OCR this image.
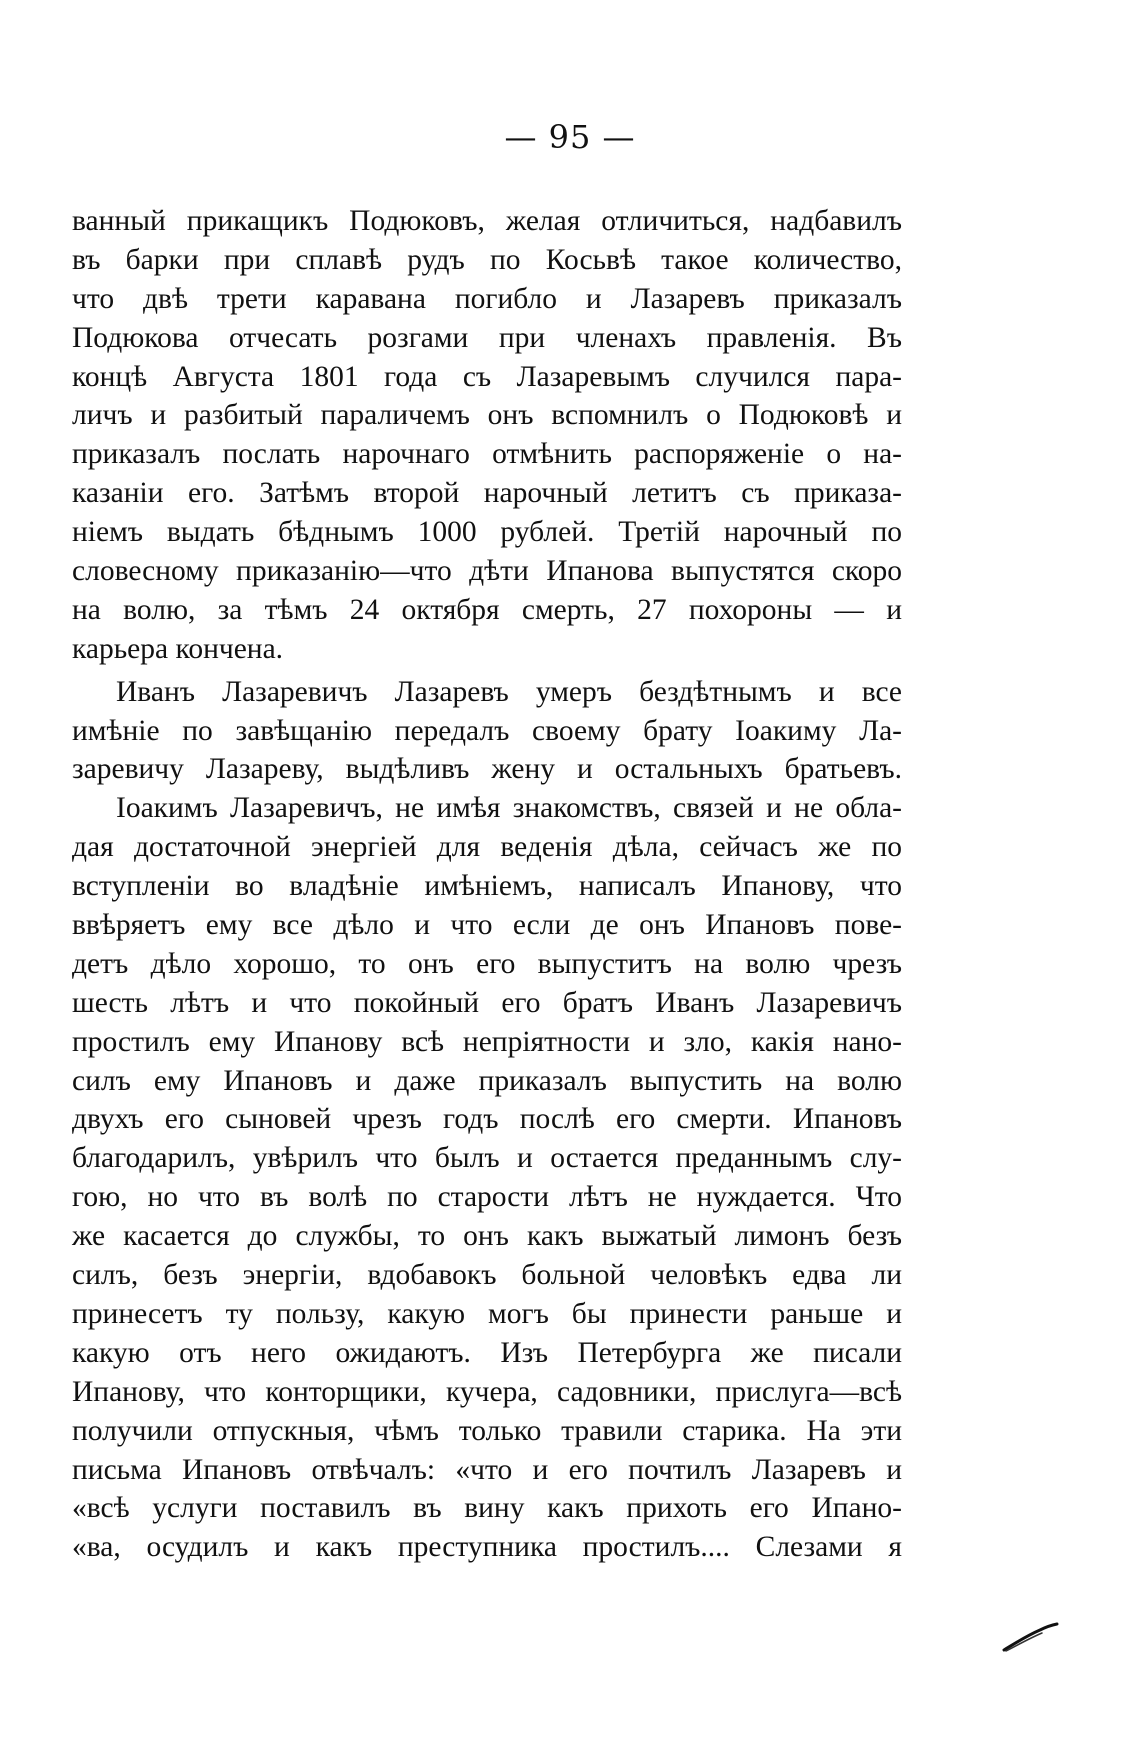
— 95 —
ванный прикащикъ Подюковъ, желая отличиться, надбавилъ
въ барки при сплавѣ рудъ по Косьвѣ такое количество,
что двѣ трети каравана погибло и Лазаревъ приказалъ
Подюкова отчесать розгами при членахъ правленія. Въ
концѣ Августа 1801 года съ Лазаревымъ случился пара-
личъ и разбитый параличемъ онъ вспомнилъ о Подюковѣ и
приказалъ послать нарочнаго отмѣнить распоряженіе о на-
казаніи его. Затѣмъ второй нарочный летитъ съ приказа-
ніемъ выдать бѣднымъ 1000 рублей. Третій нарочный по
словесному приказанію—что дѣти Ипанова выпустятся скоро
на волю, за тѣмъ 24 октября смерть, 27 похороны — и
карьера кончена.
Иванъ Лазаревичъ Лазаревъ умеръ бездѣтнымъ и все
имѣніе по завѣщанію передалъ своему брату Іоакиму Ла-
заревичу Лазареву, выдѣливъ жену и остальныхъ братьевъ.
Іоакимъ Лазаревичъ, не имѣя знакомствъ, связей и не обла-
дая достаточной энергіей для веденія дѣла, сейчасъ же по
вступленіи во владѣніе имѣніемъ, написалъ Ипанову, что
ввѣряетъ ему все дѣло и что если де онъ Ипановъ пове-
детъ дѣло хорошо, то онъ его выпуститъ на волю чрезъ
шесть лѣтъ и что покойный его братъ Иванъ Лазаревичъ
простилъ ему Ипанову всѣ непріятности и зло, какія нано-
силъ ему Ипановъ и даже приказалъ выпустить на волю
двухъ его сыновей чрезъ годъ послѣ его смерти. Ипановъ
благодарилъ, увѣрилъ что былъ и остается преданнымъ слу-
гою, но что въ волѣ по старости лѣтъ не нуждается. Что
же касается до службы, то онъ какъ выжатый лимонъ безъ
силъ, безъ энергіи, вдобавокъ больной человѣкъ едва ли
принесетъ ту пользу, какую могъ бы принести раньше и
какую отъ него ожидаютъ. Изъ Петербурга же писали
Ипанову, что конторщики, кучера, садовники, прислуга—всѣ
получили отпускныя, чѣмъ только травили старика. На эти
письма Ипановъ отвѣчалъ: «что и его почтилъ Лазаревъ и
«всѣ услуги поставилъ въ вину какъ прихоть его Ипано-
«ва, осудилъ и какъ преступника простилъ.... Слезами я
